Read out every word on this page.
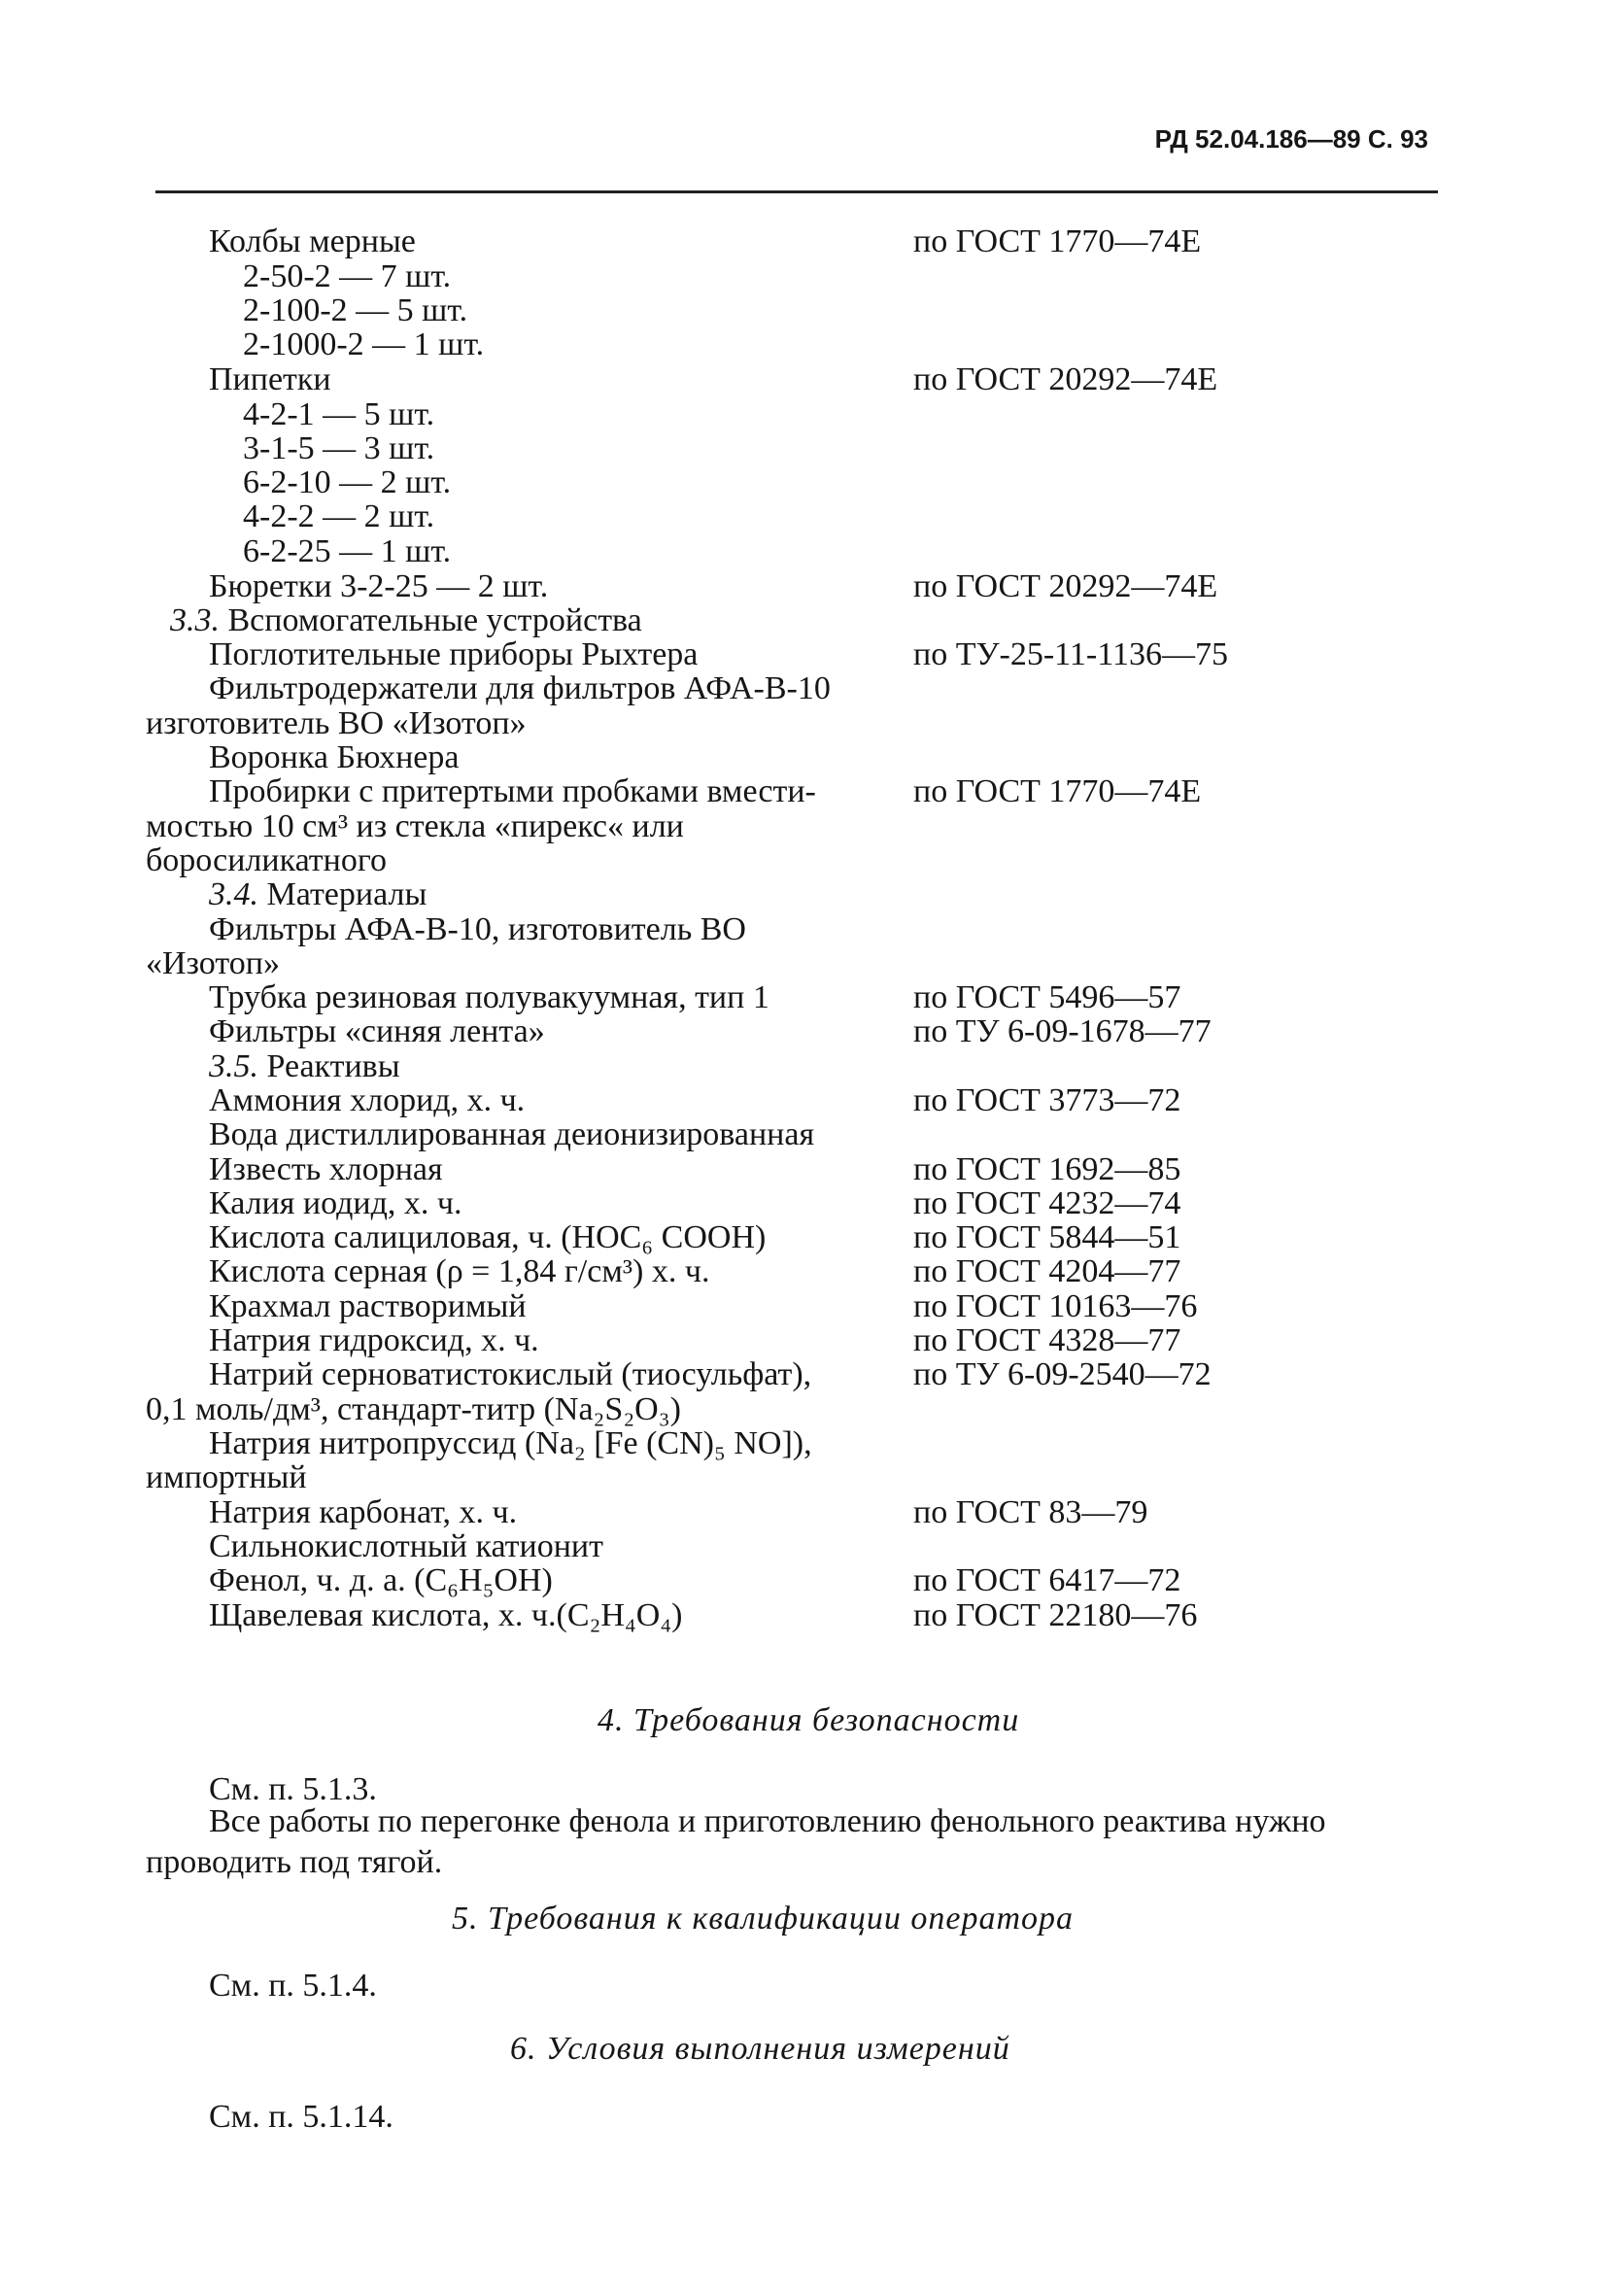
РД 52.04.186—89 С. 93
Колбы мерные	по ГОСТ 1770—74Е
2-50-2 — 7 шт.
2-100-2 — 5 шт.
2-1000-2 — 1 шт.
Пипетки	по ГОСТ 20292—74Е
4-2-1 — 5 шт.
3-1-5 — 3 шт.
6-2-10 — 2 шт.
4-2-2 — 2 шт.
6-2-25 — 1 шт.
Бюретки 3-2-25 — 2 шт.	по ГОСТ 20292—74Е
3.3. Вспомогательные устройства
Поглотительные приборы Рыхтера	по ТУ-25-11-1136—75
Фильтродержатели для фильтров АФА-В-10
изготовитель ВО «Изотоп»
Воронка Бюхнера
Пробирки с притертыми пробками вмести-	по ГОСТ 1770—74Е
мостью 10 см³ из стекла «пирекс« или
боросиликатного
3.4. Материалы
Фильтры АФА-В-10, изготовитель ВО
«Изотоп»
Трубка резиновая полувакуумная, тип 1	по ГОСТ 5496—57
Фильтры «синяя лента»	по ТУ 6-09-1678—77
3.5. Реактивы
Аммония хлорид, х. ч.	по ГОСТ 3773—72
Вода дистиллированная деионизированная
Известь хлорная	по ГОСТ 1692—85
Калия иодид, х. ч.	по ГОСТ 4232—74
Кислота салициловая, ч. (HOC₆ COOH)	по ГОСТ 5844—51
Кислота серная (ρ = 1,84 г/см³) х. ч.	по ГОСТ 4204—77
Крахмал растворимый	по ГОСТ 10163—76
Натрия гидроксид, х. ч.	по ГОСТ 4328—77
Натрий серноватистокислый (тиосульфат),	по ТУ 6-09-2540—72
0,1 моль/дм³, стандарт-титр (Na₂S₂O₃)
Натрия нитропруссид (Na₂ [Fe (CN)₅ NO]),
импортный
Натрия карбонат, х. ч.	по ГОСТ 83—79
Сильнокислотный катионит
Фенол, ч. д. а. (C₆H₅OH)	по ГОСТ 6417—72
Щавелевая кислота, х. ч.(C₂H₄O₄)	по ГОСТ 22180—76
4. Требования безопасности
См. п. 5.1.3.
Все работы по перегонке фенола и приготовлению фенольного реактива нужно проводить под тягой.
5. Требования к квалификации оператора
См. п. 5.1.4.
6. Условия выполнения измерений
См. п. 5.1.14.
